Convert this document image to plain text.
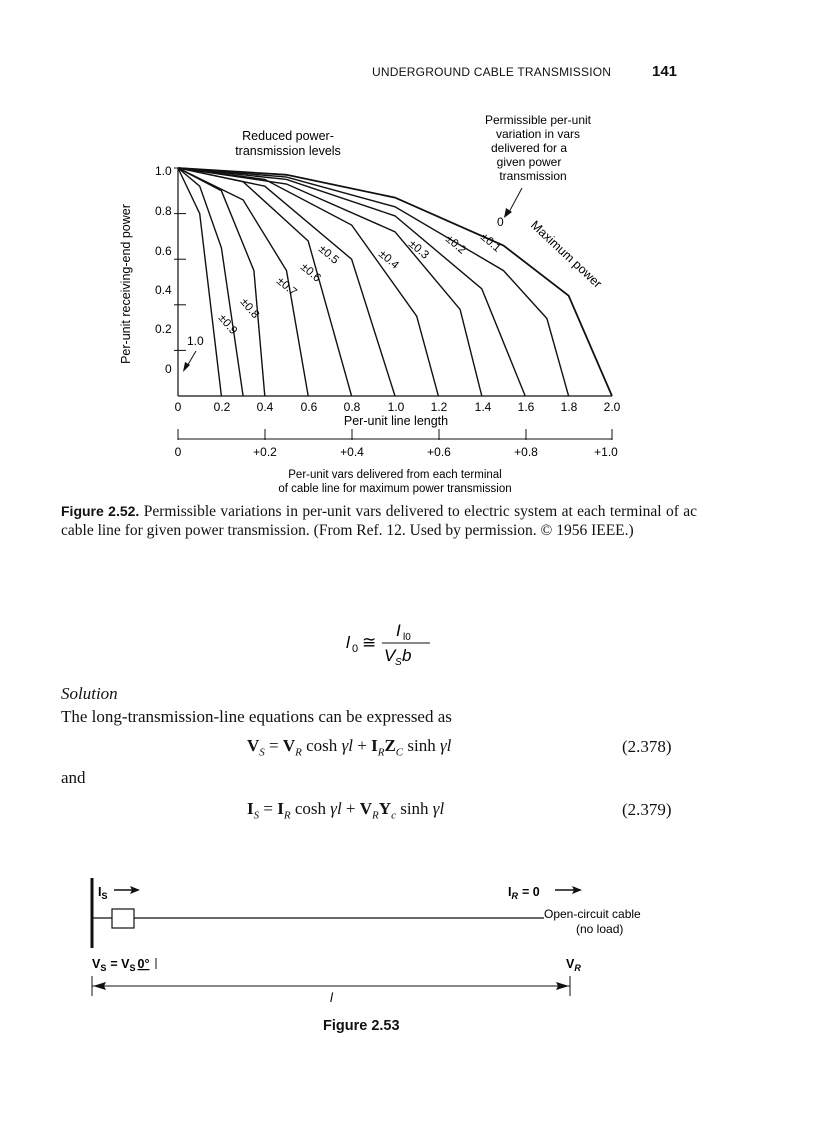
UNDERGROUND CABLE TRANSMISSION	141
Per-unit receiving-end power
1.0
0.8
0.6
0.4
0.2
0
0	0.2 0.4 0.6 0.8 1.0 1.2 1.4 1.6 1.8 2.0
Per-unit line length
Reduced power-
transmission levels
Permissible per-unit
variation in vars
delivered for a
given power
transmission
0
±0.1
±0.2
±0.3
±0.4
±0.5
±0.6
±0.7
±0.8
±0.9
1.0
Maximum power
0	+0.2	+0.4	+0.6	+0.8	+1.0
Per-unit vars delivered from each terminal
of cable line for maximum power transmission
Figure 2.52. Permissible variations in per-unit vars delivered to electric system at each terminal of ac cable line for given power transmission. (From Ref. 12. Used by permission. © 1956 IEEE.)
l 0 ≅
I l0
V S b
Solution
The long-transmission-line equations can be expressed as
$V_S = V_R$ $\cosh \gamma l + I_RZ_C$ sinh γl	(2.378)
and
$I_S = I_R$ $\cosh \gamma l + V_RY_c$ sinh γl	(2.379)
$I_S$	$I_R = 0$
Open-circuit cable
(no load)
$V_S = V_S$ 0°	$V_R$
l
Figure 2.53
